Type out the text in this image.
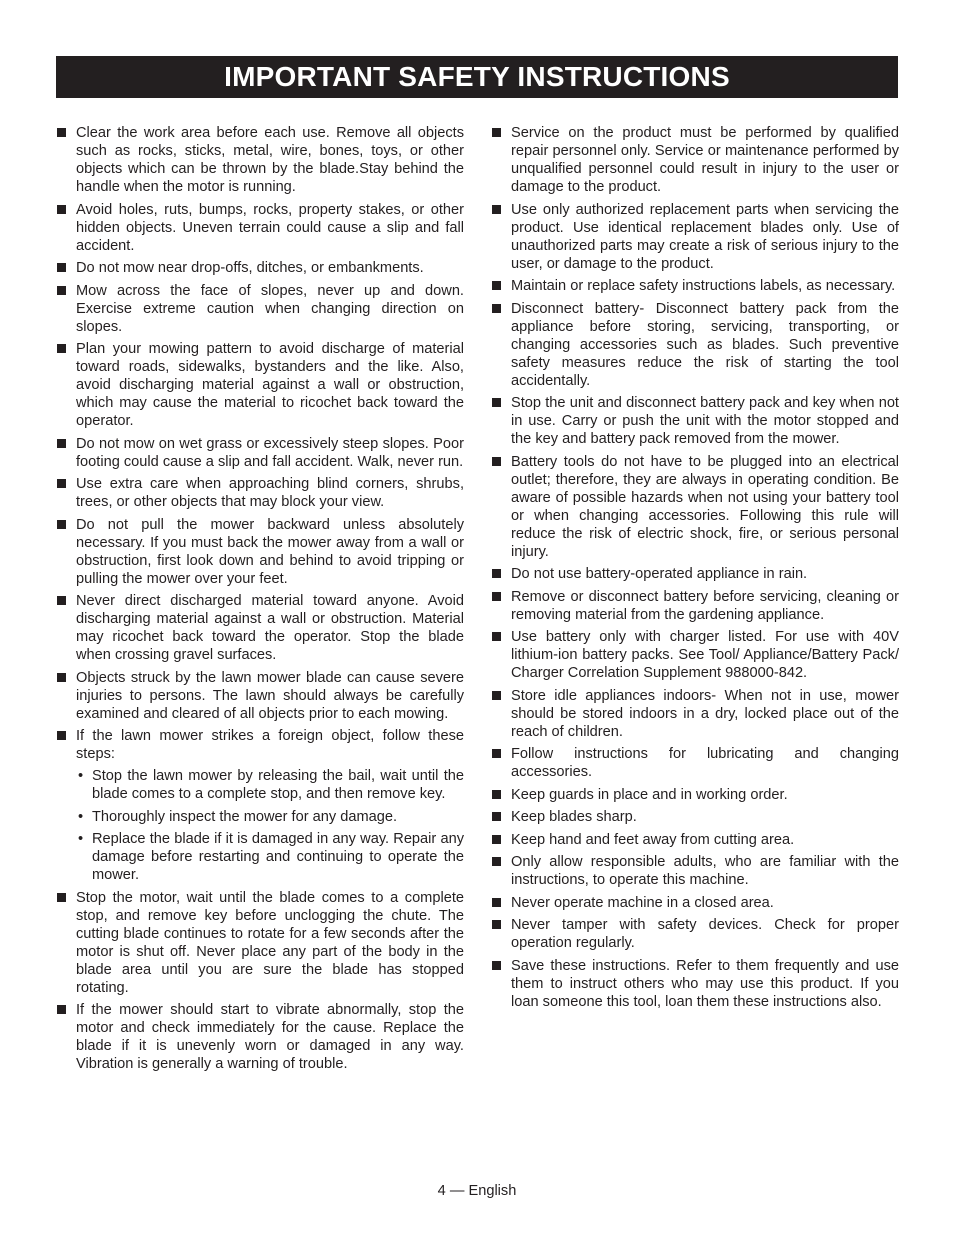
IMPORTANT SAFETY INSTRUCTIONS
Clear the work area before each use. Remove all objects such as rocks, sticks, metal, wire, bones, toys, or other objects which can be thrown by the blade.Stay behind the handle when the motor is running.
Avoid holes, ruts, bumps, rocks, property stakes, or other hidden objects. Uneven terrain could cause a slip and fall accident.
Do not mow near drop-offs, ditches, or embankments.
Mow across the face of slopes, never up and down. Exercise extreme caution when changing direction on slopes.
Plan your mowing pattern to avoid discharge of material toward roads, sidewalks, bystanders and the like. Also, avoid discharging material against a wall or obstruction, which may cause the material to ricochet back toward the operator.
Do not mow on wet grass or excessively steep slopes. Poor footing could cause a slip and fall accident. Walk, never run.
Use extra care when approaching blind corners, shrubs, trees, or other objects that may block your view.
Do not pull the mower backward unless absolutely necessary. If you must back the mower away from a wall or obstruction, first look down and behind to avoid tripping or pulling the mower over your feet.
Never direct discharged material toward anyone. Avoid discharging material against a wall or obstruction. Material may ricochet back toward the operator. Stop the blade when crossing gravel surfaces.
Objects struck by the lawn mower blade can cause severe injuries to persons. The lawn should always be carefully examined and cleared of all objects prior to each mowing.
If the lawn mower strikes a foreign object, follow these steps:
• Stop the lawn mower by releasing the bail, wait until the blade comes to a complete stop, and then remove key.
• Thoroughly inspect the mower for any damage.
• Replace the blade if it is damaged in any way. Repair any damage before restarting and continuing to operate the mower.
Stop the motor, wait until the blade comes to a complete stop, and remove key before unclogging the chute. The cutting blade continues to rotate for a few seconds after the motor is shut off. Never place any part of the body in the blade area until you are sure the blade has stopped rotating.
If the mower should start to vibrate abnormally, stop the motor and check immediately for the cause. Replace the blade if it is unevenly worn or damaged in any way. Vibration is generally a warning of trouble.
Service on the product must be performed by qualified repair personnel only. Service or maintenance performed by unqualified personnel could result in injury to the user or damage to the product.
Use only authorized replacement parts when servicing the product. Use identical replacement blades only. Use of unauthorized parts may create a risk of serious injury to the user, or damage to the product.
Maintain or replace safety instructions labels, as necessary.
Disconnect battery- Disconnect battery pack from the appliance before storing, servicing, transporting, or changing accessories such as blades. Such preventive safety measures reduce the risk of starting the tool accidentally.
Stop the unit and disconnect battery pack and key when not in use. Carry or push the unit with the motor stopped and the key and battery pack removed from the mower.
Battery tools do not have to be plugged into an electrical outlet; therefore, they are always in operating condition. Be aware of possible hazards when not using your battery tool or when changing accessories. Following this rule will reduce the risk of electric shock, fire, or serious personal injury.
Do not use battery-operated appliance in rain.
Remove or disconnect battery before servicing, cleaning or removing material from the gardening appliance.
Use battery only with charger listed. For use with 40V lithium-ion battery packs. See Tool/ Appliance/Battery Pack/ Charger Correlation Supplement 988000-842.
Store idle appliances indoors- When not in use, mower should be stored indoors in a dry, locked place out of the reach of children.
Follow instructions for lubricating and changing accessories.
Keep guards in place and in working order.
Keep blades sharp.
Keep hand and feet away from cutting area.
Only allow responsible adults, who are familiar with the instructions, to operate this machine.
Never operate machine in a closed area.
Never tamper with safety devices. Check for proper operation regularly.
Save these instructions. Refer to them frequently and use them to instruct others who may use this product. If you loan someone this tool, loan them these instructions also.
4 — English
